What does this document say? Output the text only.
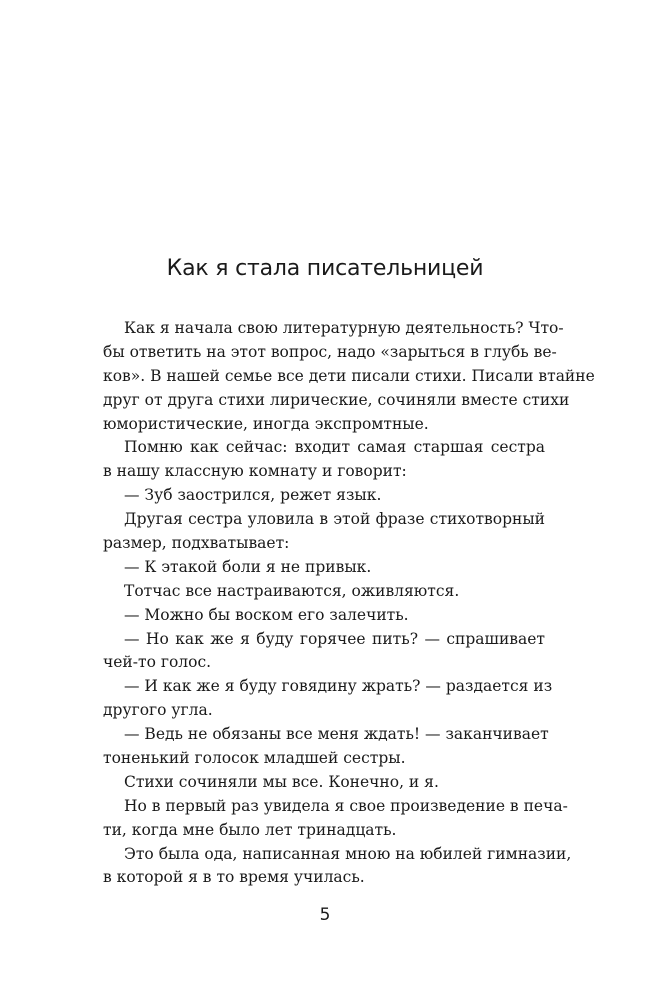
Как я стала писательницей
Как я начала свою литературную деятельность? Что-
бы ответить на этот вопрос, надо «зарыться в глубь ве-
ков». В нашей семье все дети писали стихи. Писали втайне
друг от друга стихи лирические, сочиняли вместе стихи
юмористические, иногда экспромтные.
Помню как сейчас: входит самая старшая сестра
в нашу классную комнату и говорит:
— Зуб заострился, режет язык.
Другая сестра уловила в этой фразе стихотворный
размер, подхватывает:
— К этакой боли я не привык.
Тотчас все настраиваются, оживляются.
— Можно бы воском его залечить.
— Но как же я буду горячее пить? — спрашивает
чей-то голос.
— И как же я буду говядину жрать? — раздается из
другого угла.
— Ведь не обязаны все меня ждать! — заканчивает
тоненький голосок младшей сестры.
Стихи сочиняли мы все. Конечно, и я.
Но в первый раз увидела я свое произведение в печа-
ти, когда мне было лет тринадцать.
Это была ода, написанная мною на юбилей гимназии,
в которой я в то время училась.
5
